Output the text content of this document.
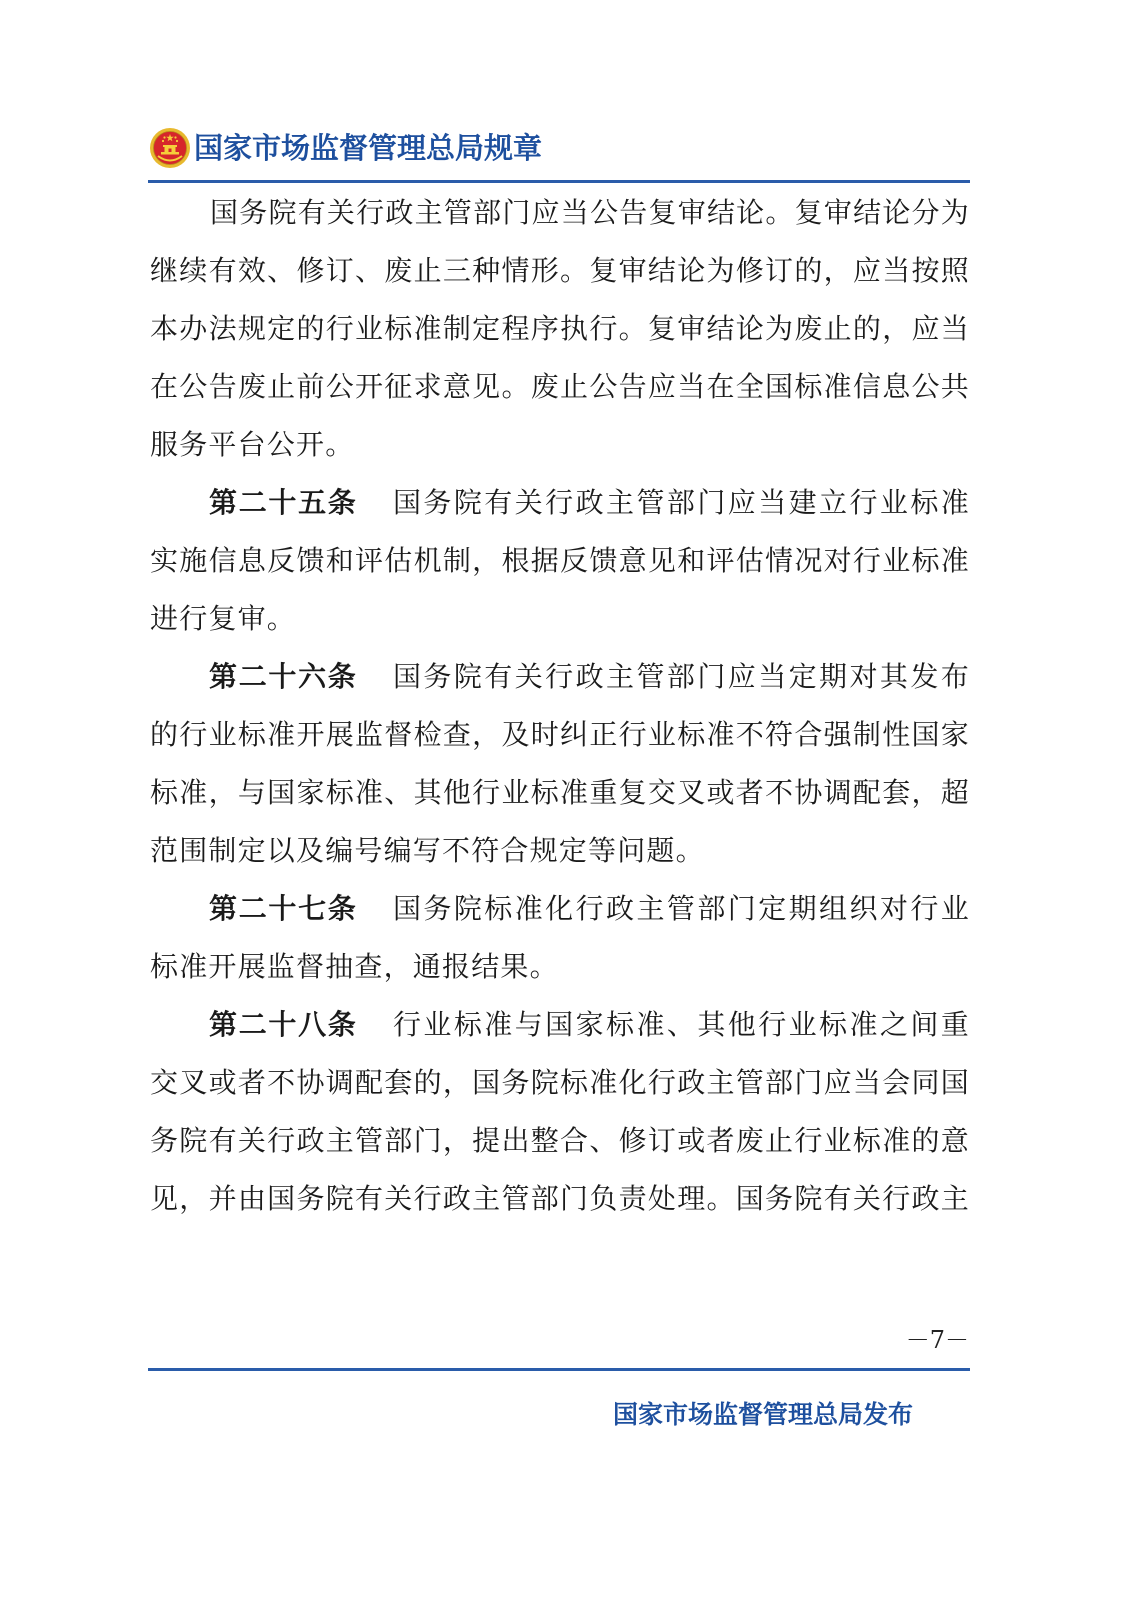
国家市场监督管理总局规章
国务院有关行政主管部门应当公告复审结论。复审结论分为
继续有效、修订、废止三种情形。复审结论为修订的，应当按照
本办法规定的行业标准制定程序执行。复审结论为废止的，应当
在公告废止前公开征求意见。废止公告应当在全国标准信息公共
服务平台公开。
第二十五条 国务院有关行政主管部门应当建立行业标准
实施信息反馈和评估机制，根据反馈意见和评估情况对行业标准
进行复审。
第二十六条 国务院有关行政主管部门应当定期对其发布
的行业标准开展监督检查，及时纠正行业标准不符合强制性国家
标准，与国家标准、其他行业标准重复交叉或者不协调配套，超
范围制定以及编号编写不符合规定等问题。
第二十七条 国务院标准化行政主管部门定期组织对行业
标准开展监督抽查，通报结果。
第二十八条 行业标准与国家标准、其他行业标准之间重
交叉或者不协调配套的，国务院标准化行政主管部门应当会同国
务院有关行政主管部门，提出整合、修订或者废止行业标准的意
见，并由国务院有关行政主管部门负责处理。国务院有关行政主
－7－
国家市场监督管理总局发布
